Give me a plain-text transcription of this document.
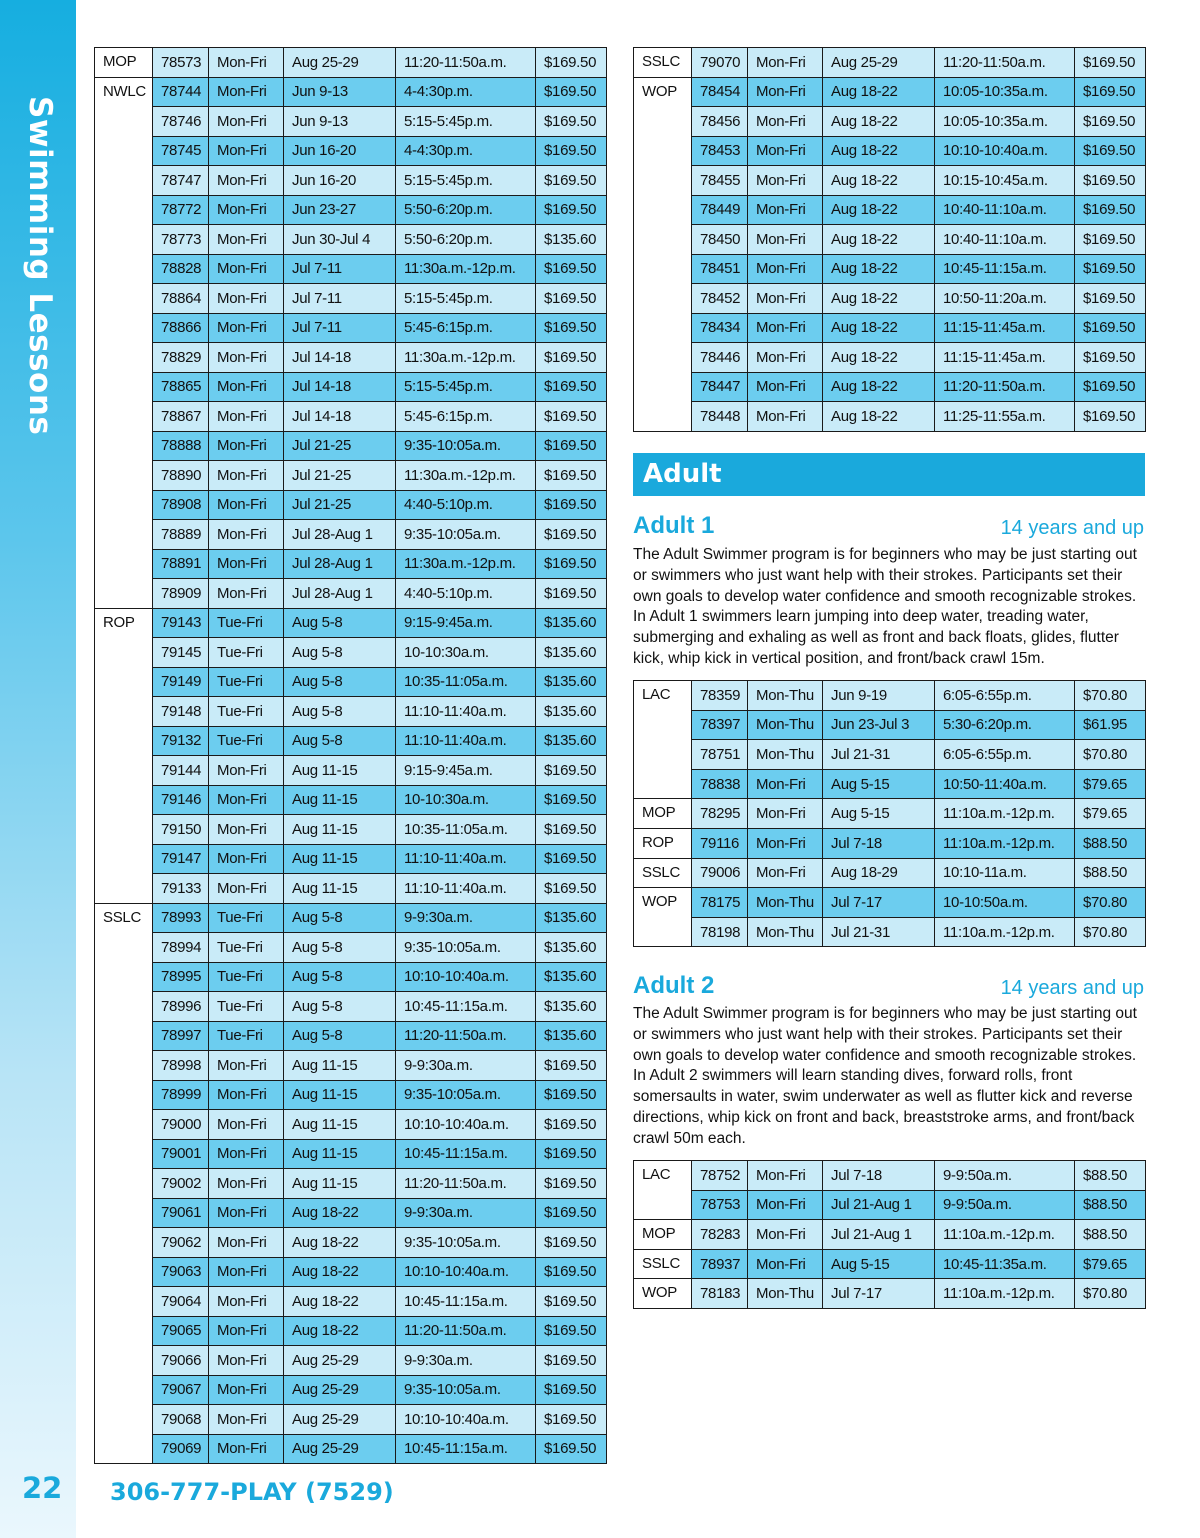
Swimming Lessons
22 306-777-PLAY (7529)
MOP	78573	Mon-Fri	Aug 25-29	11:20-11:50a.m.	$169.50
NWLC	78744	Mon-Fri	Jun 9-13	4-4:30p.m.	$169.50
	78746	Mon-Fri	Jun 9-13	5:15-5:45p.m.	$169.50
	78745	Mon-Fri	Jun 16-20	4-4:30p.m.	$169.50
	78747	Mon-Fri	Jun 16-20	5:15-5:45p.m.	$169.50
	78772	Mon-Fri	Jun 23-27	5:50-6:20p.m.	$169.50
	78773	Mon-Fri	Jun 30-Jul 4	5:50-6:20p.m.	$135.60
	78828	Mon-Fri	Jul 7-11	11:30a.m.-12p.m.	$169.50
	78864	Mon-Fri	Jul 7-11	5:15-5:45p.m.	$169.50
	78866	Mon-Fri	Jul 7-11	5:45-6:15p.m.	$169.50
	78829	Mon-Fri	Jul 14-18	11:30a.m.-12p.m.	$169.50
	78865	Mon-Fri	Jul 14-18	5:15-5:45p.m.	$169.50
	78867	Mon-Fri	Jul 14-18	5:45-6:15p.m.	$169.50
	78888	Mon-Fri	Jul 21-25	9:35-10:05a.m.	$169.50
	78890	Mon-Fri	Jul 21-25	11:30a.m.-12p.m.	$169.50
	78908	Mon-Fri	Jul 21-25	4:40-5:10p.m.	$169.50
	78889	Mon-Fri	Jul 28-Aug 1	9:35-10:05a.m.	$169.50
	78891	Mon-Fri	Jul 28-Aug 1	11:30a.m.-12p.m.	$169.50
	78909	Mon-Fri	Jul 28-Aug 1	4:40-5:10p.m.	$169.50
ROP	79143	Tue-Fri	Aug 5-8	9:15-9:45a.m.	$135.60
	79145	Tue-Fri	Aug 5-8	10-10:30a.m.	$135.60
	79149	Tue-Fri	Aug 5-8	10:35-11:05a.m.	$135.60
	79148	Tue-Fri	Aug 5-8	11:10-11:40a.m.	$135.60
	79132	Tue-Fri	Aug 5-8	11:10-11:40a.m.	$135.60
	79144	Mon-Fri	Aug 11-15	9:15-9:45a.m.	$169.50
	79146	Mon-Fri	Aug 11-15	10-10:30a.m.	$169.50
	79150	Mon-Fri	Aug 11-15	10:35-11:05a.m.	$169.50
	79147	Mon-Fri	Aug 11-15	11:10-11:40a.m.	$169.50
	79133	Mon-Fri	Aug 11-15	11:10-11:40a.m.	$169.50
SSLC	78993	Tue-Fri	Aug 5-8	9-9:30a.m.	$135.60
	78994	Tue-Fri	Aug 5-8	9:35-10:05a.m.	$135.60
	78995	Tue-Fri	Aug 5-8	10:10-10:40a.m.	$135.60
	78996	Tue-Fri	Aug 5-8	10:45-11:15a.m.	$135.60
	78997	Tue-Fri	Aug 5-8	11:20-11:50a.m.	$135.60
	78998	Mon-Fri	Aug 11-15	9-9:30a.m.	$169.50
	78999	Mon-Fri	Aug 11-15	9:35-10:05a.m.	$169.50
	79000	Mon-Fri	Aug 11-15	10:10-10:40a.m.	$169.50
	79001	Mon-Fri	Aug 11-15	10:45-11:15a.m.	$169.50
	79002	Mon-Fri	Aug 11-15	11:20-11:50a.m.	$169.50
	79061	Mon-Fri	Aug 18-22	9-9:30a.m.	$169.50
	79062	Mon-Fri	Aug 18-22	9:35-10:05a.m.	$169.50
	79063	Mon-Fri	Aug 18-22	10:10-10:40a.m.	$169.50
	79064	Mon-Fri	Aug 18-22	10:45-11:15a.m.	$169.50
	79065	Mon-Fri	Aug 18-22	11:20-11:50a.m.	$169.50
	79066	Mon-Fri	Aug 25-29	9-9:30a.m.	$169.50
	79067	Mon-Fri	Aug 25-29	9:35-10:05a.m.	$169.50
	79068	Mon-Fri	Aug 25-29	10:10-10:40a.m.	$169.50
	79069	Mon-Fri	Aug 25-29	10:45-11:15a.m.	$169.50
SSLC	79070	Mon-Fri	Aug 25-29	11:20-11:50a.m.	$169.50
WOP	78454	Mon-Fri	Aug 18-22	10:05-10:35a.m.	$169.50
	78456	Mon-Fri	Aug 18-22	10:05-10:35a.m.	$169.50
	78453	Mon-Fri	Aug 18-22	10:10-10:40a.m.	$169.50
	78455	Mon-Fri	Aug 18-22	10:15-10:45a.m.	$169.50
	78449	Mon-Fri	Aug 18-22	10:40-11:10a.m.	$169.50
	78450	Mon-Fri	Aug 18-22	10:40-11:10a.m.	$169.50
	78451	Mon-Fri	Aug 18-22	10:45-11:15a.m.	$169.50
	78452	Mon-Fri	Aug 18-22	10:50-11:20a.m.	$169.50
	78434	Mon-Fri	Aug 18-22	11:15-11:45a.m.	$169.50
	78446	Mon-Fri	Aug 18-22	11:15-11:45a.m.	$169.50
	78447	Mon-Fri	Aug 18-22	11:20-11:50a.m.	$169.50
	78448	Mon-Fri	Aug 18-22	11:25-11:55a.m.	$169.50
Adult
Adult 1	14 years and up
The Adult Swimmer program is for beginners who may be just starting out or swimmers who just want help with their strokes. Participants set their own goals to develop water confidence and smooth recognizable strokes. In Adult 1 swimmers learn jumping into deep water, treading water, submerging and exhaling as well as front and back floats, glides, flutter kick, whip kick in vertical position, and front/back crawl 15m.
LAC	78359	Mon-Thu	Jun 9-19	6:05-6:55p.m.	$70.80
	78397	Mon-Thu	Jun 23-Jul 3	5:30-6:20p.m.	$61.95
	78751	Mon-Thu	Jul 21-31	6:05-6:55p.m.	$70.80
	78838	Mon-Fri	Aug 5-15	10:50-11:40a.m.	$79.65
MOP	78295	Mon-Fri	Aug 5-15	11:10a.m.-12p.m.	$79.65
ROP	79116	Mon-Fri	Jul 7-18	11:10a.m.-12p.m.	$88.50
SSLC	79006	Mon-Fri	Aug 18-29	10:10-11a.m.	$88.50
WOP	78175	Mon-Thu	Jul 7-17	10-10:50a.m.	$70.80
	78198	Mon-Thu	Jul 21-31	11:10a.m.-12p.m.	$70.80
Adult 2	14 years and up
The Adult Swimmer program is for beginners who may be just starting out or swimmers who just want help with their strokes. Participants set their own goals to develop water confidence and smooth recognizable strokes. In Adult 2 swimmers will learn standing dives, forward rolls, front somersaults in water, swim underwater as well as flutter kick and reverse directions, whip kick on front and back, breaststroke arms, and front/back crawl 50m each.
LAC	78752	Mon-Fri	Jul 7-18	9-9:50a.m.	$88.50
	78753	Mon-Fri	Jul 21-Aug 1	9-9:50a.m.	$88.50
MOP	78283	Mon-Fri	Jul 21-Aug 1	11:10a.m.-12p.m.	$88.50
SSLC	78937	Mon-Fri	Aug 5-15	10:45-11:35a.m.	$79.65
WOP	78183	Mon-Thu	Jul 7-17	11:10a.m.-12p.m.	$70.80
